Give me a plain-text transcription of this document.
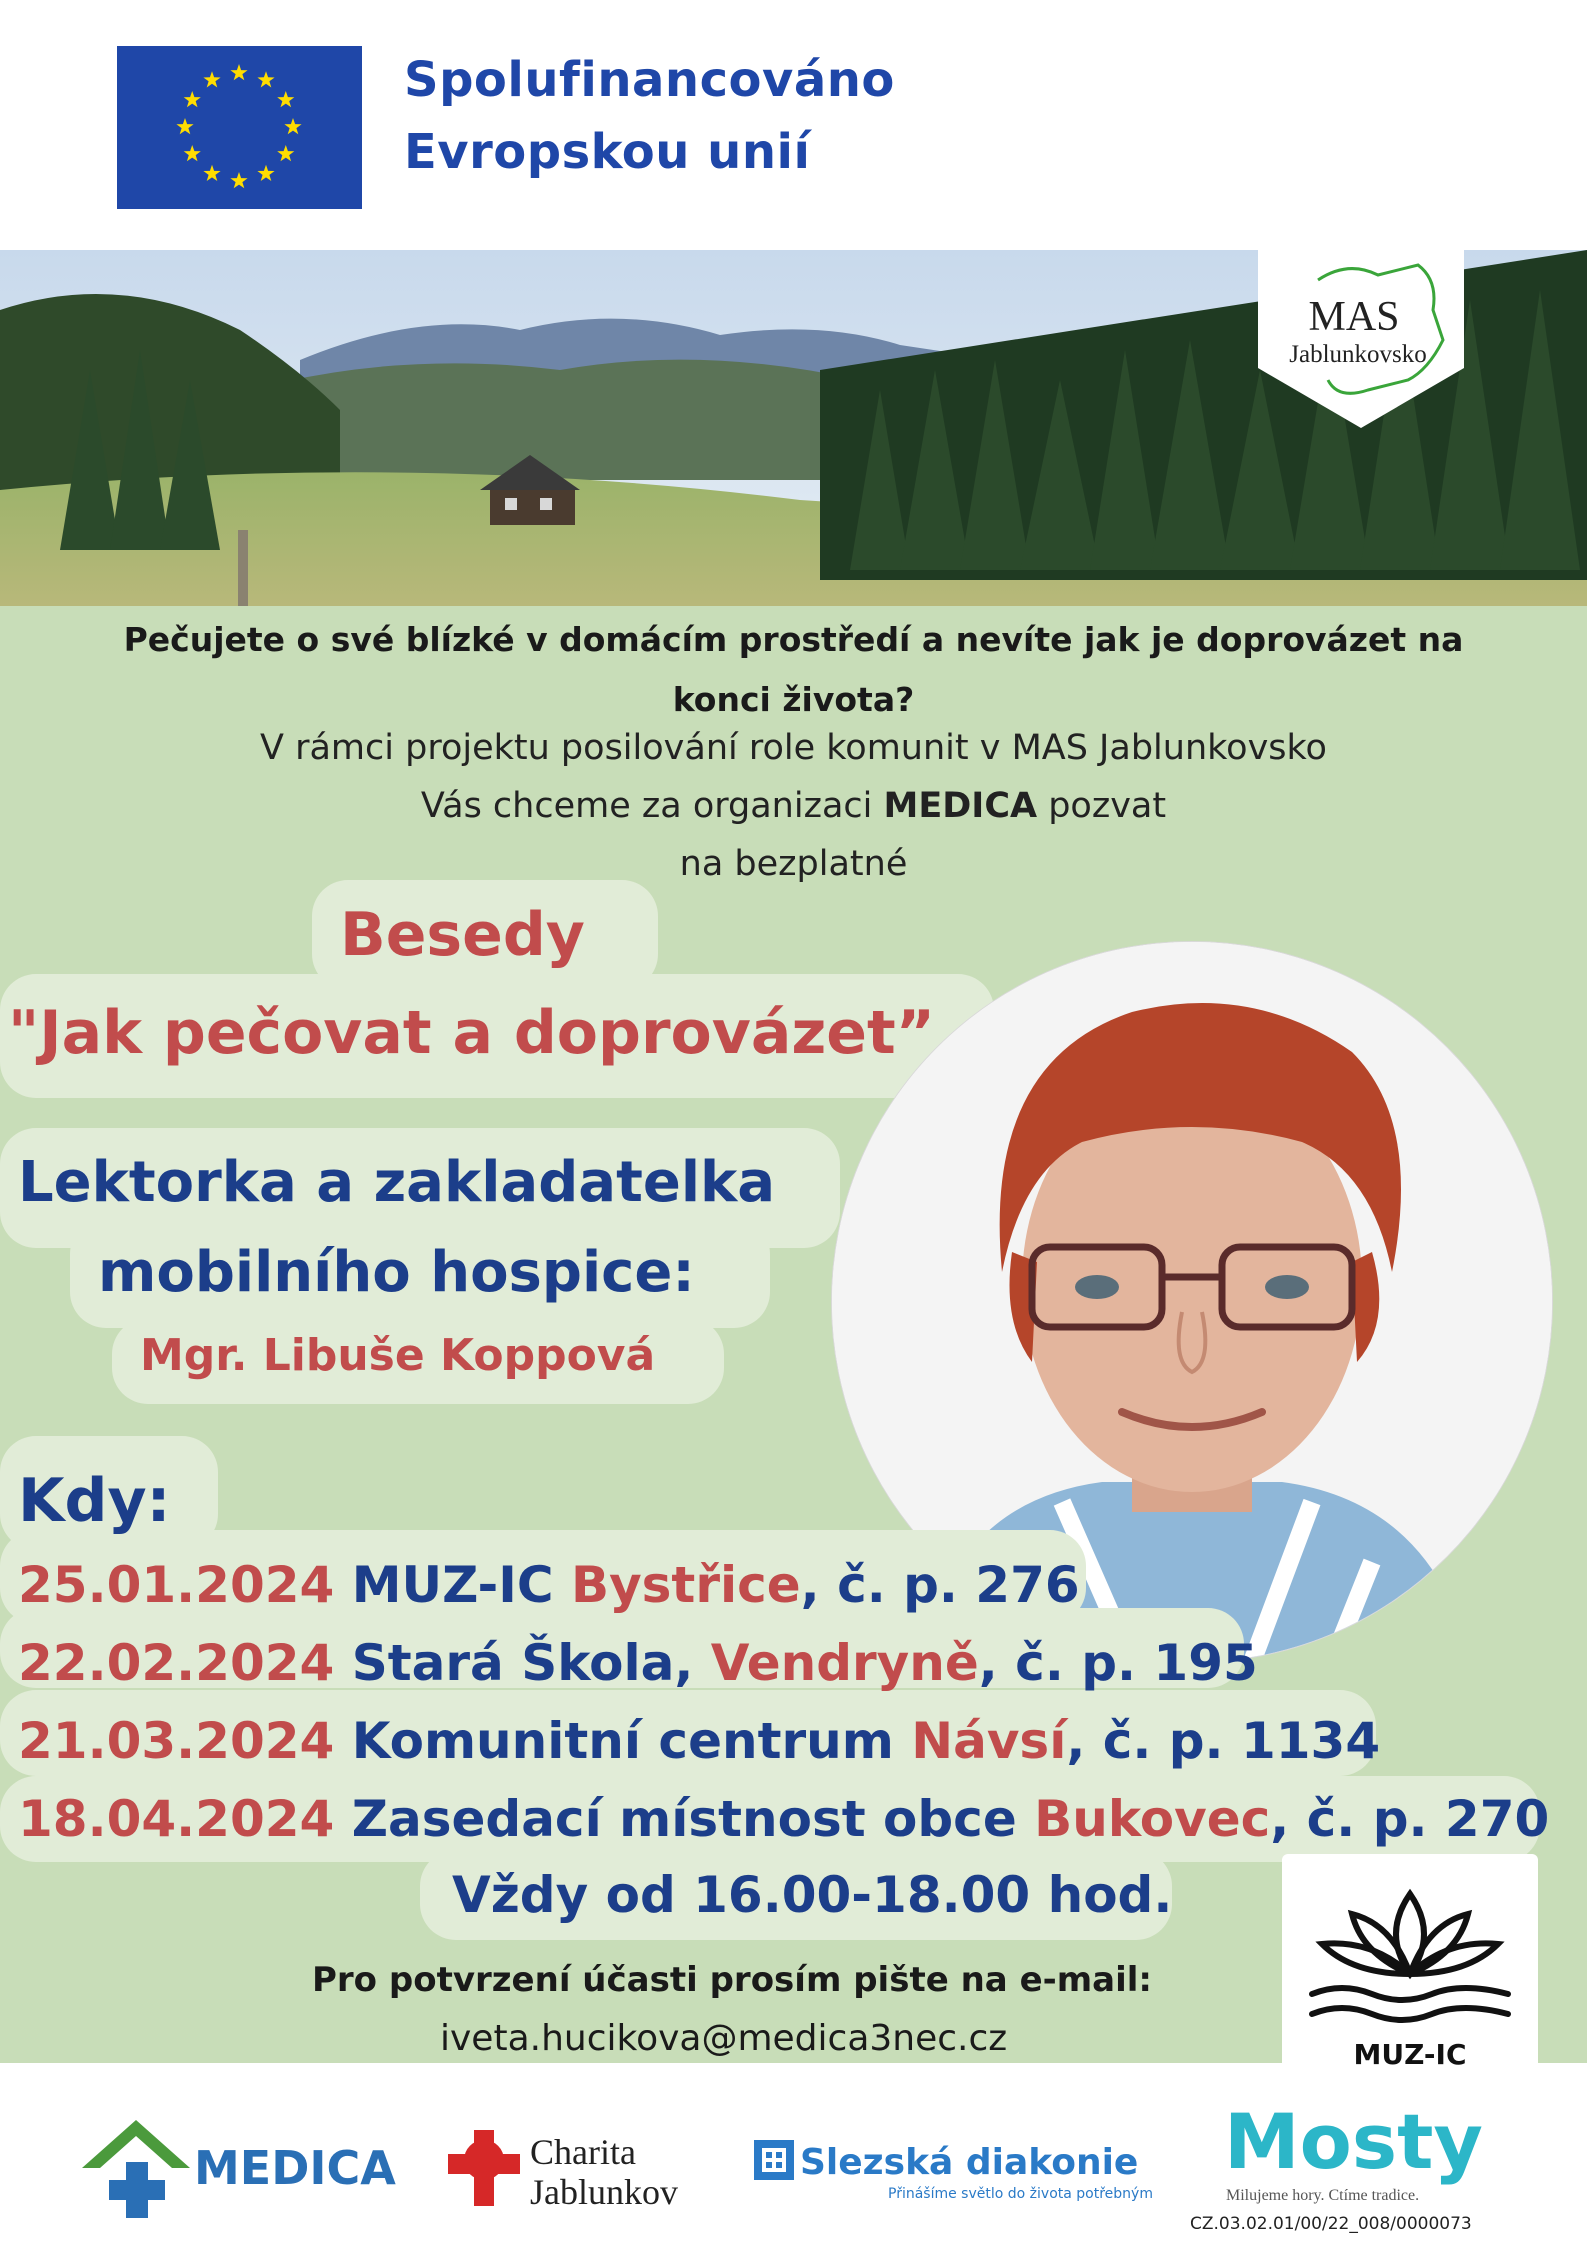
Spolufinancováno
Evropskou unií
MAS
Jablunkovsko
Pečujete o své blízké v domácím prostředí a nevíte jak je doprovázet na
konci života?
V rámci projektu posilování role komunit v MAS Jablunkovsko
Vás chceme za organizaci MEDICA pozvat
na bezplatné
Besedy
"Jak pečovat a doprovázet”
Lektorka a zakladatelka
mobilního hospice:
Mgr. Libuše Koppová
Kdy:
25.01.2024 MUZ-IC Bystřice, č. p. 276
22.02.2024 Stará Škola, Vendryně, č. p. 195
21.03.2024 Komunitní centrum Návsí, č. p. 1134
18.04.2024 Zasedací místnost obce Bukovec, č. p. 270
Vždy od 16.00-18.00 hod.
Pro potvrzení účasti prosím pište na e-mail:
iveta.hucikova@medica3nec.cz	MUZ-IC
MEDICA	Charita
Jablunkov
Slezská diakonie
Přinášíme světlo do života potřebným
Mosty
Milujeme hory. Ctíme tradice.
CZ.03.02.01/00/22_008/0000073
